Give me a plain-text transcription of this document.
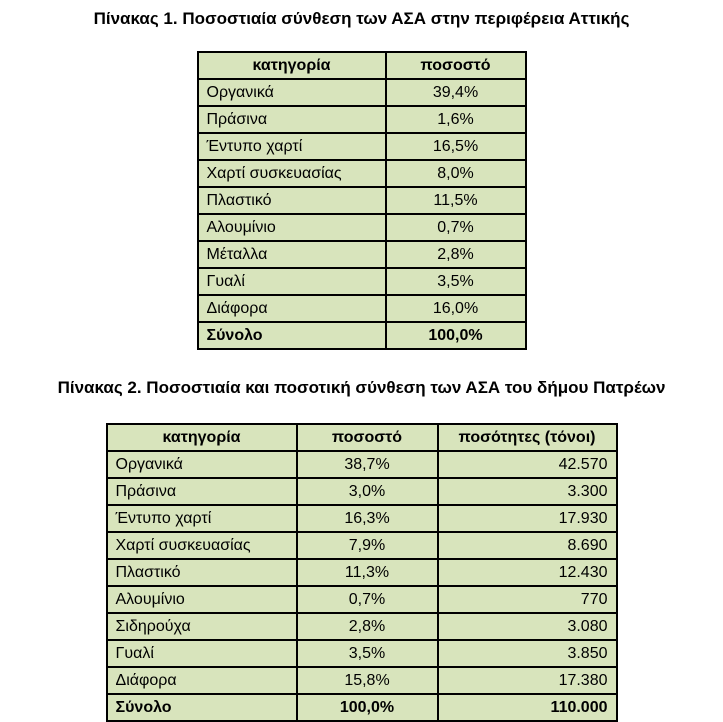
Πίνακας 1. Ποσοστιαία σύνθεση των ΑΣΑ στην περιφέρεια Αττικής
κατηγορία	ποσοστό
Οργανικά	39,4%
Πράσινα	1,6%
Έντυπο χαρτί	16,5%
Χαρτί συσκευασίας	8,0%
Πλαστικό	11,5%
Αλουμίνιο	0,7%
Μέταλλα	2,8%
Γυαλί	3,5%
Διάφορα	16,0%
Σύνολο	100,0%
Πίνακας 2. Ποσοστιαία και ποσοτική σύνθεση των ΑΣΑ του δήμου Πατρέων
κατηγορία	ποσοστό	ποσότητες (τόνοι)
Οργανικά	38,7%	42.570
Πράσινα	3,0%	3.300
Έντυπο χαρτί	16,3%	17.930
Χαρτί συσκευασίας	7,9%	8.690
Πλαστικό	11,3%	12.430
Αλουμίνιο	0,7%	770
Σιδηρούχα	2,8%	3.080
Γυαλί	3,5%	3.850
Διάφορα	15,8%	17.380
Σύνολο	100,0%	110.000
